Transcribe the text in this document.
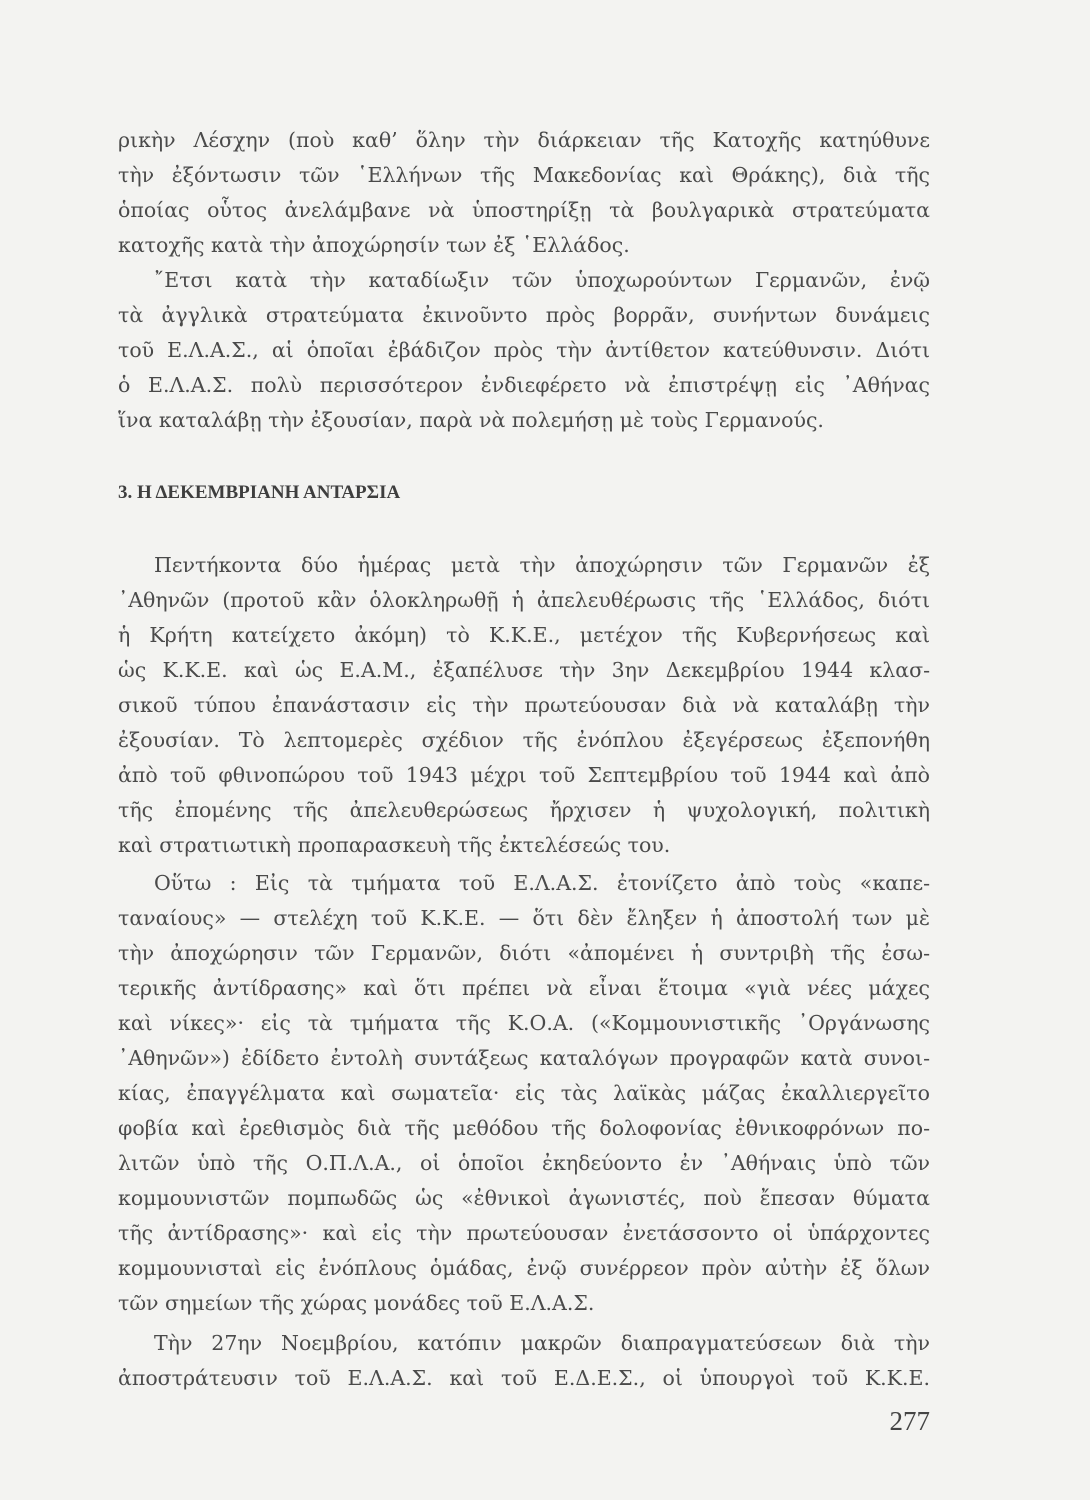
ρικὴν Λέσχην (ποὺ καθ’ ὅλην τὴν διάρκειαν τῆς Κατοχῆς κατηύθυνε
τὴν ἐξόντωσιν τῶν ῾Ελλήνων τῆς Μακεδονίας καὶ Θράκης), διὰ τῆς
ὁποίας οὗτος ἀνελάμβανε νὰ ὑποστηρίξῃ τὰ βουλγαρικὰ στρατεύματα
κατοχῆς κατὰ τὴν ἀποχώρησίν των ἐξ ῾Ελλάδος.
῎Ετσι κατὰ τὴν καταδίωξιν τῶν ὑποχωρούντων Γερμανῶν, ἐνῷ
τὰ ἀγγλικὰ στρατεύματα ἐκινοῦντο πρὸς βορρᾶν, συνήντων δυνάμεις
τοῦ Ε.Λ.Α.Σ., αἱ ὁποῖαι ἐβάδιζον πρὸς τὴν ἀντίθετον κατεύθυνσιν. Διότι
ὁ Ε.Λ.Α.Σ. πολὺ περισσότερον ἐνδιεφέρετο νὰ ἐπιστρέψῃ εἰς ᾿Αθήνας
ἵνα καταλάβῃ τὴν ἐξουσίαν, παρὰ νὰ πολεμήσῃ μὲ τοὺς Γερμανούς.
3. Η ΔΕΚΕΜΒΡΙΑΝΗ ΑΝΤΑΡΣΙΑ
Πεντήκοντα δύο ἡμέρας μετὰ τὴν ἀποχώρησιν τῶν Γερμανῶν ἐξ
᾿Αθηνῶν (προτοῦ κἂν ὁλοκληρωθῇ ἡ ἀπελευθέρωσις τῆς ῾Ελλάδος, διότι
ἡ Κρήτη κατείχετο ἀκόμη) τὸ Κ.Κ.Ε., μετέχον τῆς Κυβερνήσεως καὶ
ὡς Κ.Κ.Ε. καὶ ὡς Ε.Α.Μ., ἐξαπέλυσε τὴν 3ην Δεκεμβρίου 1944 κλασ-
σικοῦ τύπου ἐπανάστασιν εἰς τὴν πρωτεύουσαν διὰ νὰ καταλάβῃ τὴν
ἐξουσίαν. Τὸ λεπτομερὲς σχέδιον τῆς ἐνόπλου ἐξεγέρσεως ἐξεπονήθη
ἀπὸ τοῦ φθινοπώρου τοῦ 1943 μέχρι τοῦ Σεπτεμβρίου τοῦ 1944 καὶ ἀπὸ
τῆς ἐπομένης τῆς ἀπελευθερώσεως ἤρχισεν ἡ ψυχολογική, πολιτικὴ
καὶ στρατιωτικὴ προπαρασκευὴ τῆς ἐκτελέσεώς του.
Οὕτω : Εἰς τὰ τμήματα τοῦ Ε.Λ.Α.Σ. ἐτονίζετο ἀπὸ τοὺς «καπε-
ταναίους» — στελέχη τοῦ Κ.Κ.Ε. — ὅτι δὲν ἔληξεν ἡ ἀποστολή των μὲ
τὴν ἀποχώρησιν τῶν Γερμανῶν, διότι «ἀπομένει ἡ συντριβὴ τῆς ἐσω-
τερικῆς ἀντίδρασης» καὶ ὅτι πρέπει νὰ εἶναι ἕτοιμα «γιὰ νέες μάχες
καὶ νίκες»· εἰς τὰ τμήματα τῆς Κ.Ο.Α. («Κομμουνιστικῆς ᾿Οργάνωσης
᾿Αθηνῶν») ἐδίδετο ἐντολὴ συντάξεως καταλόγων προγραφῶν κατὰ συνοι-
κίας, ἐπαγγέλματα καὶ σωματεῖα· εἰς τὰς λαϊκὰς μάζας ἐκαλλιεργεῖτο
φοβία καὶ ἐρεθισμὸς διὰ τῆς μεθόδου τῆς δολοφονίας ἐθνικοφρόνων πο-
λιτῶν ὑπὸ τῆς Ο.Π.Λ.Α., οἱ ὁποῖοι ἐκηδεύοντο ἐν ᾿Αθήναις ὑπὸ τῶν
κομμουνιστῶν πομπωδῶς ὡς «ἐθνικοὶ ἀγωνιστές, ποὺ ἔπεσαν θύματα
τῆς ἀντίδρασης»· καὶ εἰς τὴν πρωτεύουσαν ἐνετάσσοντο οἱ ὑπάρχοντες
κομμουνισταὶ εἰς ἐνόπλους ὁμάδας, ἐνῷ συνέρρεον πρὸν αὐτὴν ἐξ ὅλων
τῶν σημείων τῆς χώρας μονάδες τοῦ Ε.Λ.Α.Σ.
Τὴν 27ην Νοεμβρίου, κατόπιν μακρῶν διαπραγματεύσεων διὰ τὴν
ἀποστράτευσιν τοῦ Ε.Λ.Α.Σ. καὶ τοῦ Ε.Δ.Ε.Σ., οἱ ὑπουργοὶ τοῦ Κ.Κ.Ε.
277
